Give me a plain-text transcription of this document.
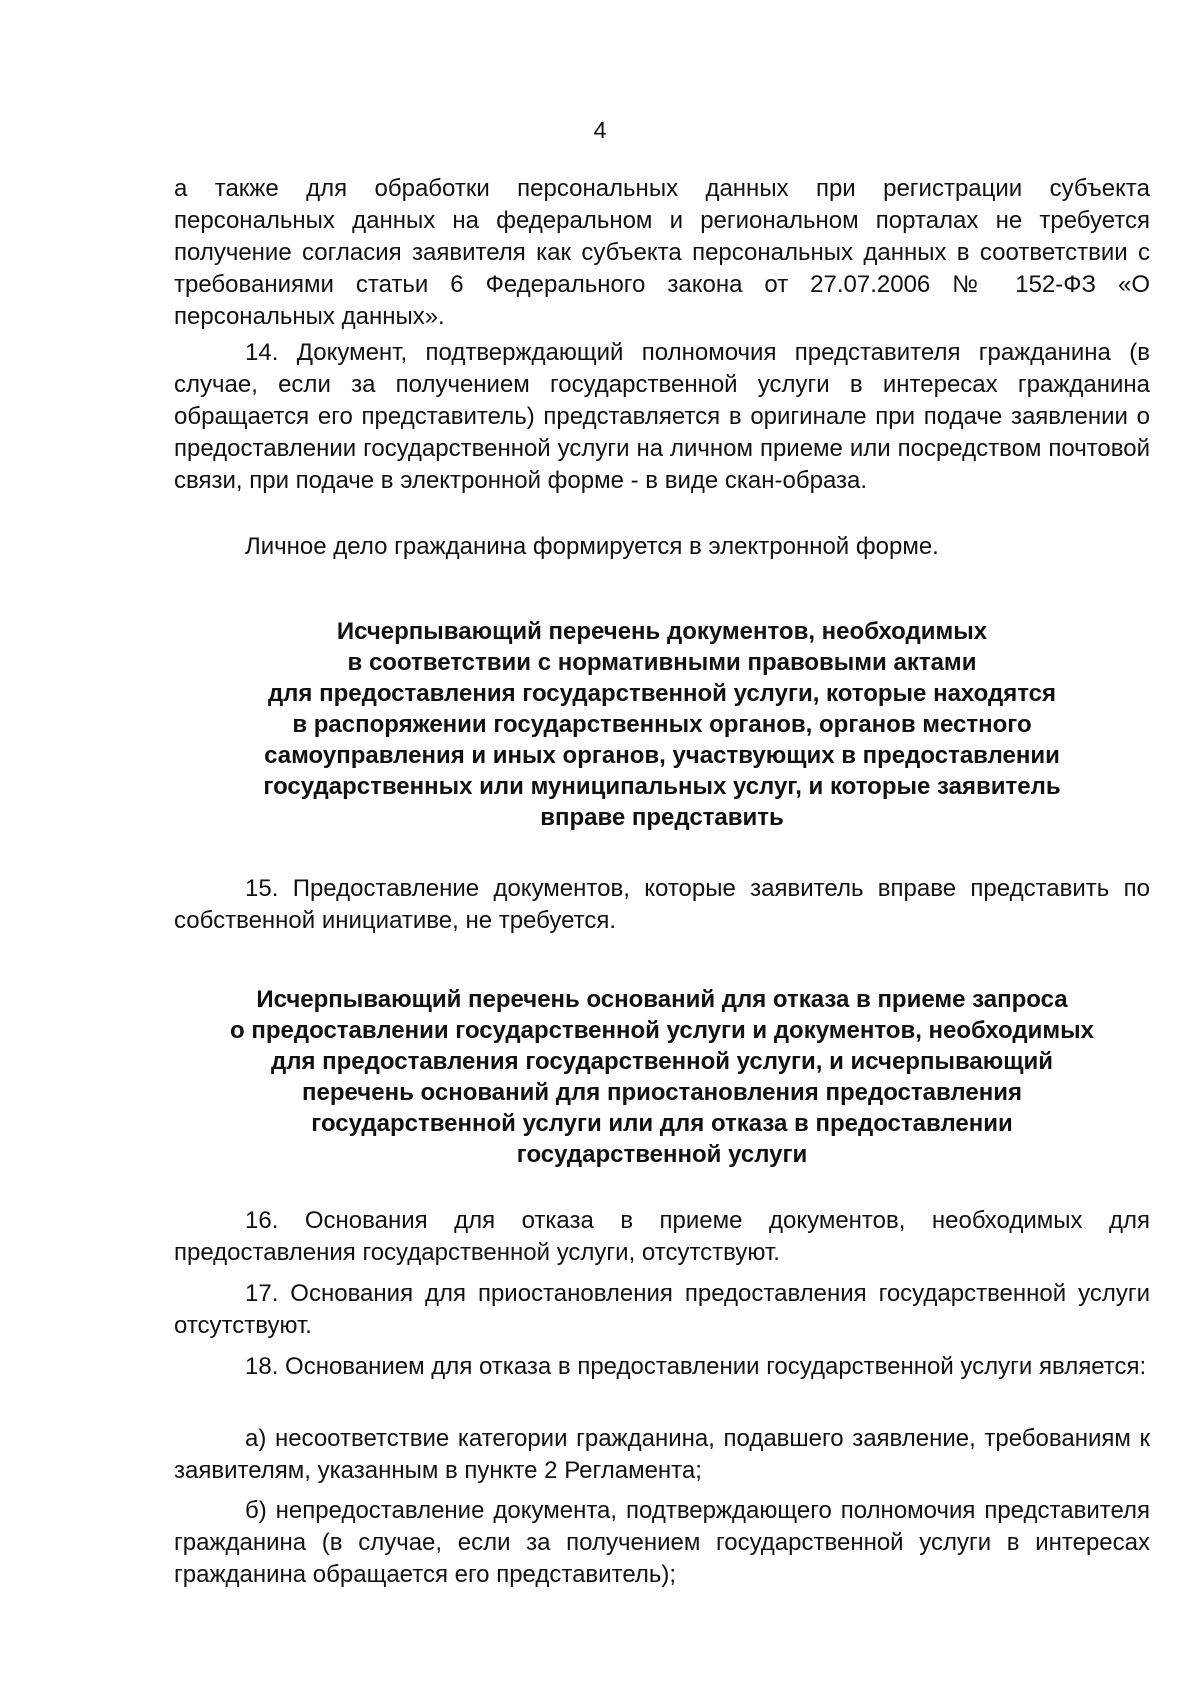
4

а также для обработки персональных данных при регистрации субъекта персональных данных на федеральном и региональном порталах не требуется получение согласия заявителя как субъекта персональных данных в соответствии с требованиями статьи 6 Федерального закона от 27.07.2006 № 152-ФЗ «О персональных данных».

14. Документ, подтверждающий полномочия представителя гражданина (в случае, если за получением государственной услуги в интересах гражданина обращается его представитель) представляется в оригинале при подаче заявлении о предоставлении государственной услуги на личном приеме или посредством почтовой связи, при подаче в электронной форме - в виде скан-образа.

Личное дело гражданина формируется в электронной форме.

Исчерпывающий перечень документов, необходимых
в соответствии с нормативными правовыми актами
для предоставления государственной услуги, которые находятся
в распоряжении государственных органов, органов местного
самоуправления и иных органов, участвующих в предоставлении
государственных или муниципальных услуг, и которые заявитель
вправе представить

15. Предоставление документов, которые заявитель вправе представить по собственной инициативе, не требуется.

Исчерпывающий перечень оснований для отказа в приеме запроса
о предоставлении государственной услуги и документов, необходимых
для предоставления государственной услуги, и исчерпывающий
перечень оснований для приостановления предоставления
государственной услуги или для отказа в предоставлении
государственной услуги

16. Основания для отказа в приеме документов, необходимых для предоставления государственной услуги, отсутствуют.

17. Основания для приостановления предоставления государственной услуги отсутствуют.

18. Основанием для отказа в предоставлении государственной услуги является:

а) несоответствие категории гражданина, подавшего заявление, требованиям к заявителям, указанным в пункте 2 Регламента;

б) непредоставление документа, подтверждающего полномочия представителя гражданина (в случае, если за получением государственной услуги в интересах гражданина обращается его представитель);
